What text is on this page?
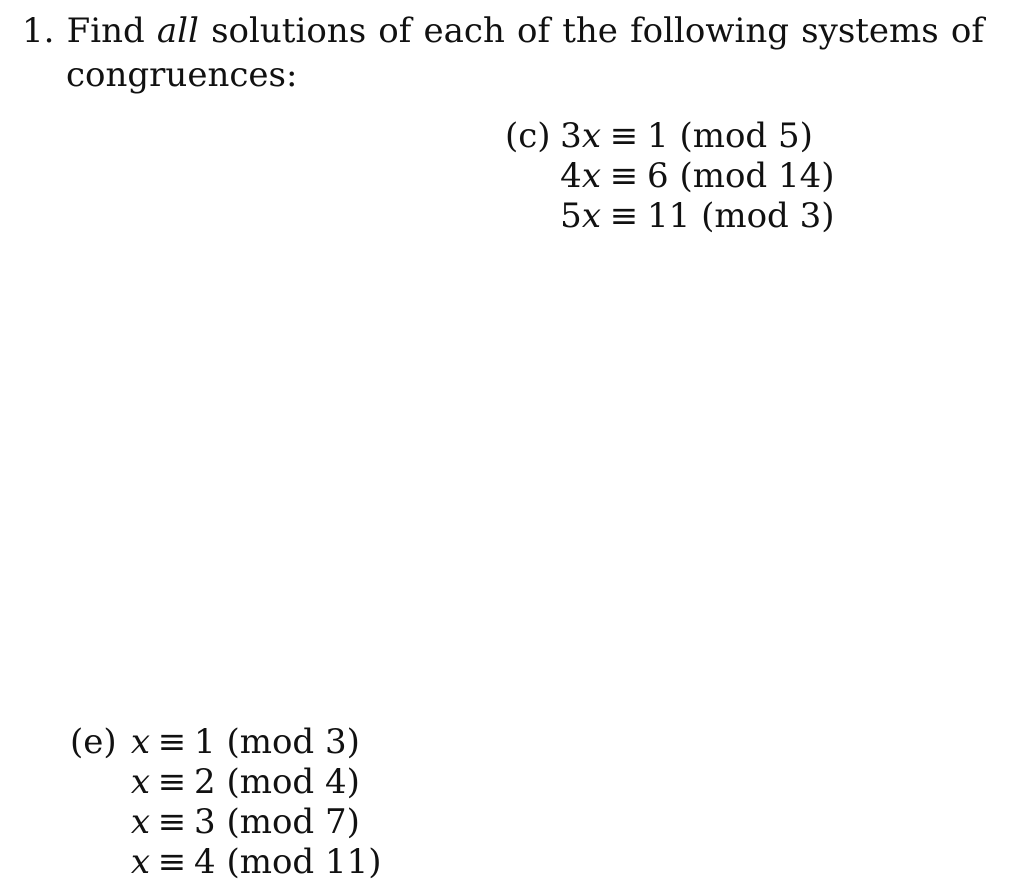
1. Find all solutions of each of the following systems of
congruences:
(c) 3x ≡ 1 (mod 5)
4x ≡ 6 (mod 14)
5x ≡ 11 (mod 3)
(e) x ≡ 1 (mod 3)
x ≡ 2 (mod 4)
x ≡ 3 (mod 7)
x ≡ 4 (mod 11)
